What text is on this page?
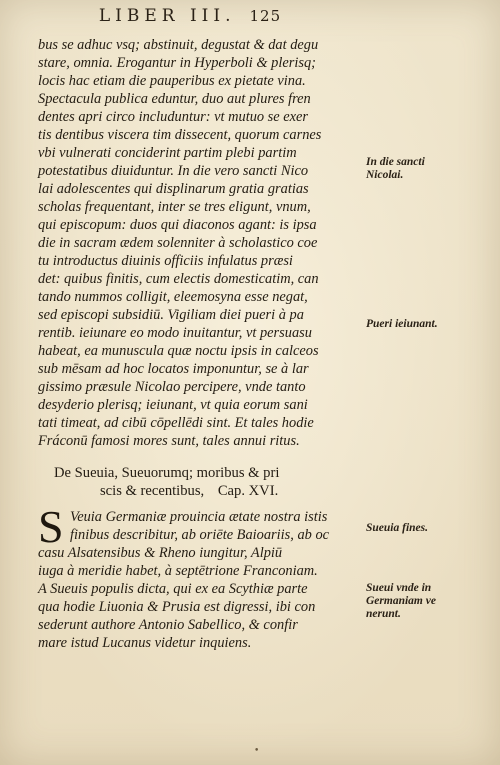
LIBER III. 125
bus se adhuc vsq; abstinuit, degustat & dat degu
stare, omnia. Erogantur in Hyperboli & plerisq;
locis hac etiam die pauperibus ex pietate vina.
Spectacula publica eduntur, duo aut plures fren
dentes apri circo includuntur: vt mutuo se exer
tis dentibus viscera tim dissecent, quorum carnes
vbi vulnerati conciderint partim plebi partim
potestatibus diuiduntur. In die vero sancti Nico
lai adolescentes qui displinarum gratia gratias
scholas frequentant, inter se tres eligunt, vnum,
qui episcopum: duos qui diaconos agant: is ipsa
die in sacram ædem solenniter à scholastico coe
tu introductus diuinis officiis infulatus præsi
det: quibus finitis, cum electis domesticatim, can
tando nummos colligit, eleemosyna esse negat,
sed episcopi subsidiū. Vigiliam diei pueri à pa
rentib. ieiunare eo modo inuitantur, vt persuasu
habeat, ea munuscula quæ noctu ipsis in calceos
sub mēsam ad hoc locatos imponuntur, se à lar
gissimo præsule Nicolao percipere, vnde tanto
desyderio plerisq; ieiunant, vt quia eorum sani
tati timeat, ad cibū cōpellēdi sint. Et tales hodie
Fráconū famosi mores sunt, tales annui ritus.
De Sueuia, Sueuorumq; moribus & pri
scis & recentibus, Cap. XVI.
S Veuia Germaniæ prouincia ætate nostra istis
finibus describitur, ab oriēte Baioariis, ab oc
casu Alsatensibus & Rheno iungitur, Alpiū
iuga à meridie habet, à septētrione Franconiam.
A Sueuis populis dicta, qui ex ea Scythiæ parte
qua hodie Liuonia & Prusia est digressi, ibi con
sederunt authore Antonio Sabellico, & confir
mare istud Lucanus videtur inquiens.
In die sancti
Nicolai.
Pueri ieiunant.
Sueuia fines.
Sueui vnde in
Germaniam ve
nerunt.
•
